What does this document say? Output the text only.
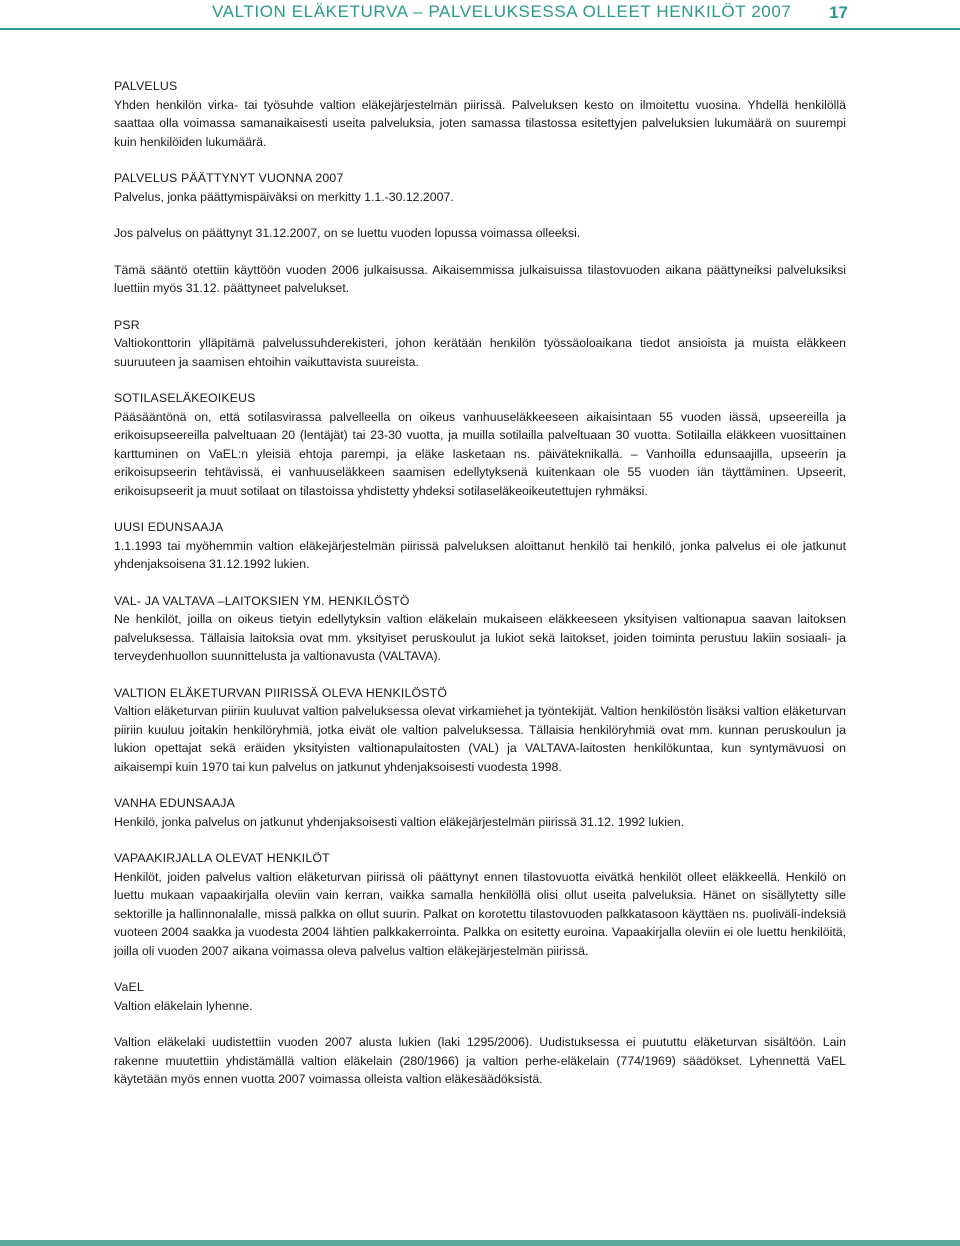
VALTION ELÄKETURVA – PALVELUKSESSA OLLEET HENKILÖT 2007 17
PALVELUS
Yhden henkilön virka- tai työsuhde valtion eläkejärjestelmän piirissä. Palveluksen kesto on ilmoitettu vuosina. Yhdellä henkilöllä saattaa olla voimassa samanaikaisesti useita palveluksia, joten samassa tilastossa esitettyjen palveluksien lukumäärä on suurempi kuin henkilöiden lukumäärä.
PALVELUS PÄÄTTYNYT VUONNA 2007
Palvelus, jonka päättymispäiväksi on merkitty 1.1.-30.12.2007.
Jos palvelus on päättynyt 31.12.2007, on se luettu vuoden lopussa voimassa olleeksi.
Tämä sääntö otettiin käyttöön vuoden 2006 julkaisussa. Aikaisemmissa julkaisuissa tilastovuoden aikana päättyneiksi palveluksiksi luettiin myös 31.12. päättyneet palvelukset.
PSR
Valtiokonttorin ylläpitämä palvelussuhderekisteri, johon kerätään henkilön työssäoloaikana tiedot ansioista ja muista eläkkeen suuruuteen ja saamisen ehtoihin vaikuttavista suureista.
SOTILASELÄKEOIKEUS
Pääsääntönä on, että sotilasvirassa palvelleella on oikeus vanhuuseläkkeeseen aikaisintaan 55 vuoden iässä, upseereilla ja erikoisupseereilla palveltuaan 20 (lentäjät) tai 23-30 vuotta, ja muilla sotilailla palveltuaan 30 vuotta. Sotilailla eläkkeen vuosittainen karttuminen on VaEL:n yleisiä ehtoja parempi, ja eläke lasketaan ns. päiväteknikalla. – Vanhoilla edunsaajilla, upseerin ja erikoisupseerin tehtävissä, ei vanhuuseläkkeen saamisen edellytyksenä kuitenkaan ole 55 vuoden iän täyttäminen. Upseerit, erikoisupseerit ja muut sotilaat on tilastoissa yhdistetty yhdeksi sotilaseläkeoikeutettujen ryhmäksi.
UUSI EDUNSAAJA
1.1.1993 tai myöhemmin valtion eläkejärjestelmän piirissä palveluksen aloittanut henkilö tai henkilö, jonka palvelus ei ole jatkunut yhdenjaksoisena 31.12.1992 lukien.
VAL- JA VALTAVA –LAITOKSIEN YM. HENKILÖSTÖ
Ne henkilöt, joilla on oikeus tietyin edellytyksin valtion eläkelain mukaiseen eläkkeeseen yksityisen valtionapua saavan laitoksen palveluksessa. Tällaisia laitoksia ovat mm. yksityiset peruskoulut ja lukiot sekä laitokset, joiden toiminta perustuu lakiin sosiaali- ja terveydenhuollon suunnittelusta ja valtionavusta (VALTAVA).
VALTION ELÄKETURVAN PIIRISSÄ OLEVA HENKILÖSTÖ
Valtion eläketurvan piiriin kuuluvat valtion palveluksessa olevat virkamiehet ja työntekijät. Valtion henkilöstön lisäksi valtion eläketurvan piiriin kuuluu joitakin henkilöryhmiä, jotka eivät ole valtion palveluksessa. Tällaisia henkilöryhmiä ovat mm. kunnan peruskoulun ja lukion opettajat sekä eräiden yksityisten valtionapulaitosten (VAL) ja VALTAVA-laitosten henkilökuntaa, kun syntymävuosi on aikaisempi kuin 1970 tai kun palvelus on jatkunut yhdenjaksoisesti vuodesta 1998.
VANHA EDUNSAAJA
Henkilö, jonka palvelus on jatkunut yhdenjaksoisesti valtion eläkejärjestelmän piirissä 31.12. 1992 lukien.
VAPAAKIRJALLA OLEVAT HENKILÖT
Henkilöt, joiden palvelus valtion eläketurvan piirissä oli päättynyt ennen tilastovuotta eivätkä henkilöt olleet eläkkeellä. Henkilö on luettu mukaan vapaakirjalla oleviin vain kerran, vaikka samalla henkilöllä olisi ollut useita palveluksia. Hänet on sisällytetty sille sektorille ja hallinnonalalle, missä palkka on ollut suurin. Palkat on korotettu tilastovuoden palkkatasoon käyttäen ns. puoliväli-indeksiä vuoteen 2004 saakka ja vuodesta 2004 lähtien palkkakerrointa. Palkka on esitetty euroina. Vapaakirjalla oleviin ei ole luettu henkilöitä, joilla oli vuoden 2007 aikana voimassa oleva palvelus valtion eläkejärjestelmän piirissä.
VaEL
Valtion eläkelain lyhenne.
Valtion eläkelaki uudistettiin vuoden 2007 alusta lukien (laki 1295/2006). Uudistuksessa ei puututtu eläketurvan sisältöön. Lain rakenne muutettiin yhdistämällä valtion eläkelain (280/1966) ja valtion perhe-eläkelain (774/1969) säädökset. Lyhennettä VaEL käytetään myös ennen vuotta 2007 voimassa olleista valtion eläkesäädöksistä.
